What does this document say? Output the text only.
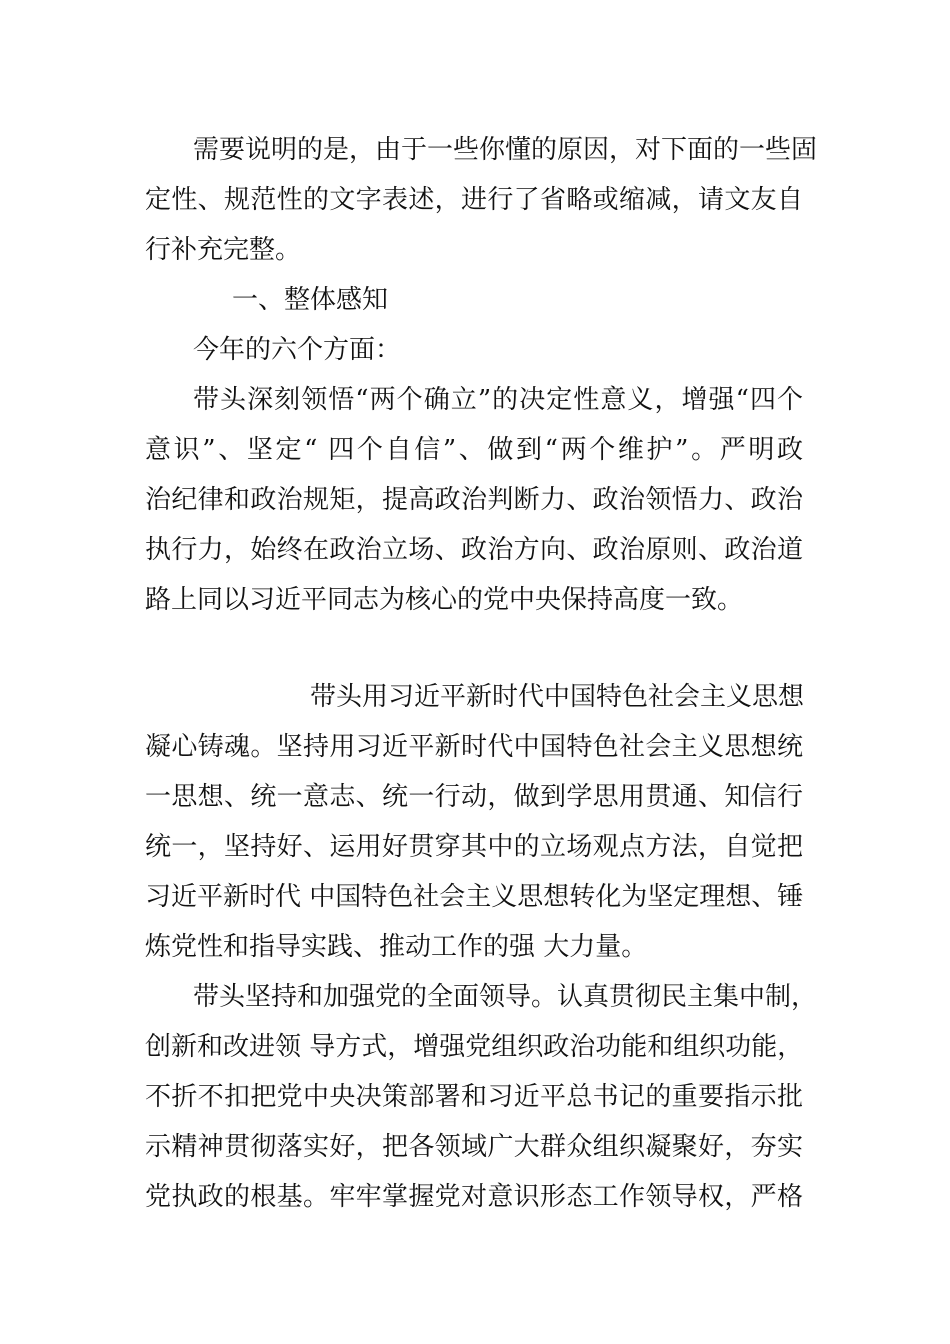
需要说明的是，由于一些你懂的原因，对下面的一些固
定性、规范性的文字表述，进行了省略或缩减，请文友自
行补充完整。
一、整体感知
今年的六个方面：
带头深刻领悟“两个确立”的决定性意义，增强“四个
意识”、坚定“ 四个自信”、做到“两个维护”。严明政
治纪律和政治规矩，提高政治判断力、政治领悟力、政治
执行力，始终在政治立场、政治方向、政治原则、政治道
路上同以习近平同志为核心的党中央保持高度一致。
带头用习近平新时代中国特色社会主义思想
凝心铸魂。坚持用习近平新时代中国特色社会主义思想统
一思想、统一意志、统一行动，做到学思用贯通、知信行
统一，坚持好、运用好贯穿其中的立场观点方法，自觉把
习近平新时代 中国特色社会主义思想转化为坚定理想、锤
炼党性和指导实践、推动工作的强 大力量。
带头坚持和加强党的全面领导。认真贯彻民主集中制，
创新和改进领 导方式，增强党组织政治功能和组织功能，
不折不扣把党中央决策部署和习近平总书记的重要指示批
示精神贯彻落实好，把各领域广大群众组织凝聚好，夯实
党执政的根基。牢牢掌握党对意识形态工作领导权，严格
